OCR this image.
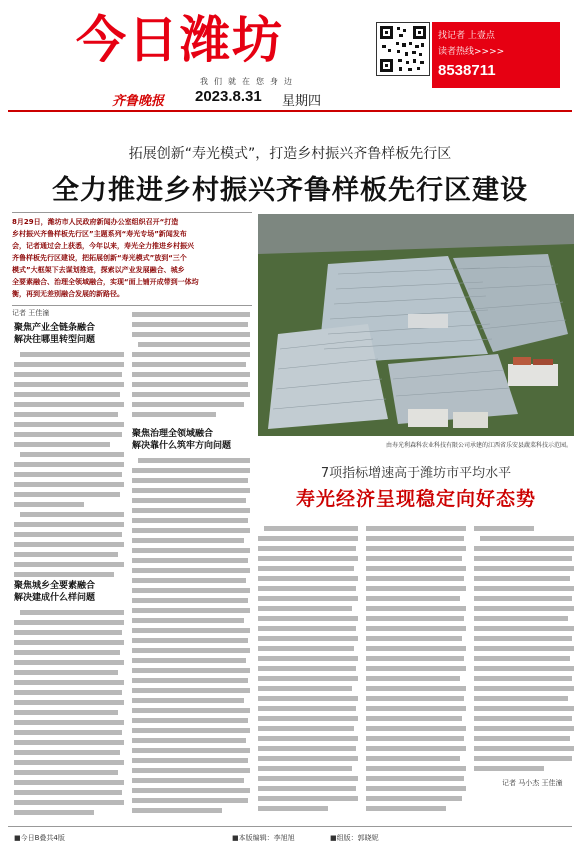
今日潍坊
我们就在您身边
齐鲁晚报 2023.8.31 星期四
找记者 上壹点
读者热线>>>>
8538711
拓展创新“寿光模式”，打造乡村振兴齐鲁样板先行区
全力推进乡村振兴齐鲁样板先行区建设
8月29日，潍坊市人民政府新闻办公室组织召开“打造
乡村振兴齐鲁样板先行区”主题系列“寿光专场”新闻发布
会，记者通过会上获悉，今年以来，寿光全力推进乡村振兴
齐鲁样板先行区建设，把拓展创新“寿光模式”放到“三个
模式”大框架下去谋划推进，探索以产业发展融合、城乡
全要素融合、治理全领域融合，实现“面上铺开成带到一体均
衡，再到无差别融合发展的新路径。
由寿光利森科农业科技有限公司承建的江西省乐安县蔬菜科技示范园。
记者 王佳潼
聚焦产业全链条融合
解决往哪里转型问题
聚焦城乡全要素融合
解决建成什么样问题
聚焦治理全领域融合
解决靠什么筑牢方向问题
7项指标增速高于潍坊市平均水平
寿光经济呈现稳定向好态势
记者 马小杰 王佳潼
■今日B叠共4版	■本版编辑：李旭旭	■组版：郭晓妮
